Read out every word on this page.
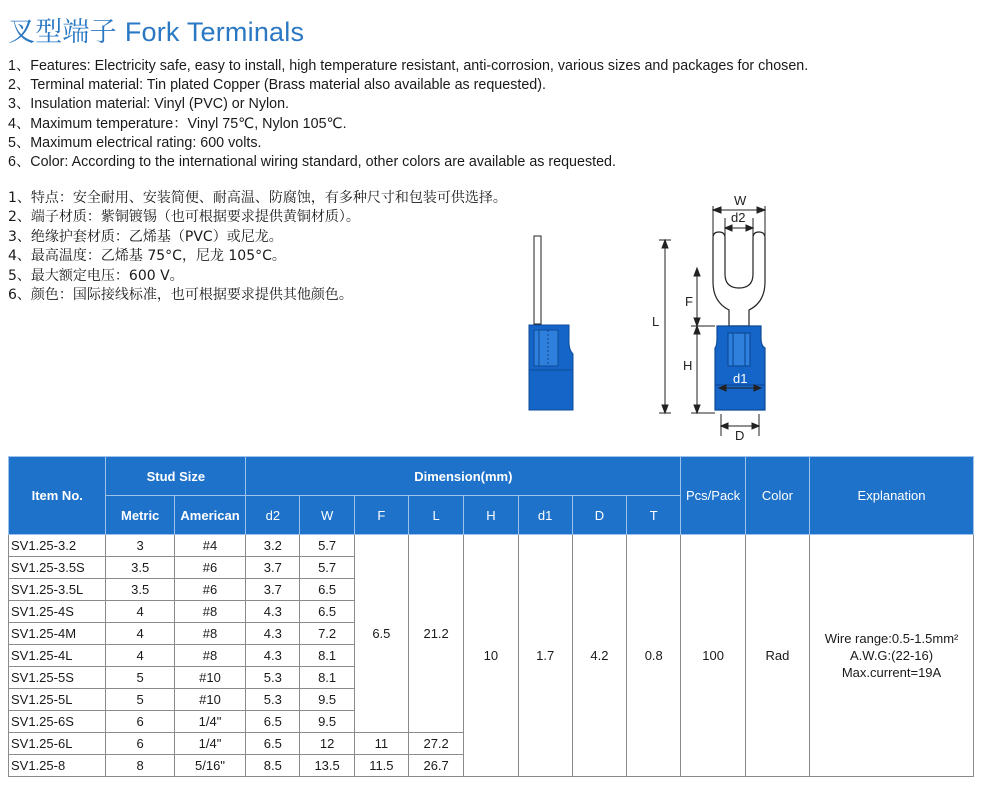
叉型端子 Fork Terminals
1、Features: Electricity safe, easy to install, high temperature resistant, anti-corrosion, various sizes and packages for chosen.
2、Terminal material: Tin plated Copper (Brass material also available as requested).
3、Insulation material: Vinyl (PVC) or Nylon.
4、Maximum temperature：Vinyl 75℃, Nylon 105℃.
5、Maximum electrical rating: 600 volts.
6、Color: According to the international wiring standard, other colors are available as requested.
1、特点：安全耐用、安装简便、耐高温、防腐蚀，有多种尺寸和包装可供选择。
2、端子材质：紫铜镀锡（也可根据要求提供黄铜材质）。
3、绝缘护套材质：乙烯基（PVC）或尼龙。
4、最高温度：乙烯基 75°C，尼龙 105°C。
5、最大额定电压：600 V。
6、颜色：国际接线标准，也可根据要求提供其他颜色。
L
F
H
W
d2
d1
D
Item No.	Stud Size		Dimension(mm)								Pcs/Pack	Color	Explanation
	Metric	American	d2	W	F	L	H	d1	D	T			
SV1.25-3.2	3	#4	3.2	5.7	6.5	21.2	10	1.7	4.2	0.8	100	Rad	Wire range:0.5-1.5mm²
A.W.G:(22-16)
Max.current=19A

SV1.25-3.5S	3.5	#6	3.7	5.7									
SV1.25-3.5L	3.5	#6	3.7	6.5									
SV1.25-4S	4	#8	4.3	6.5									
SV1.25-4M	4	#8	4.3	7.2									
SV1.25-4L	4	#8	4.3	8.1									
SV1.25-5S	5	#10	5.3	8.1									
SV1.25-5L	5	#10	5.3	9.5									
SV1.25-6S	6	1/4"	6.5	9.5									
SV1.25-6L	6	1/4"	6.5	12	11	27.2							
SV1.25-8	8	5/16"	8.5	13.5	11.5	26.7							
